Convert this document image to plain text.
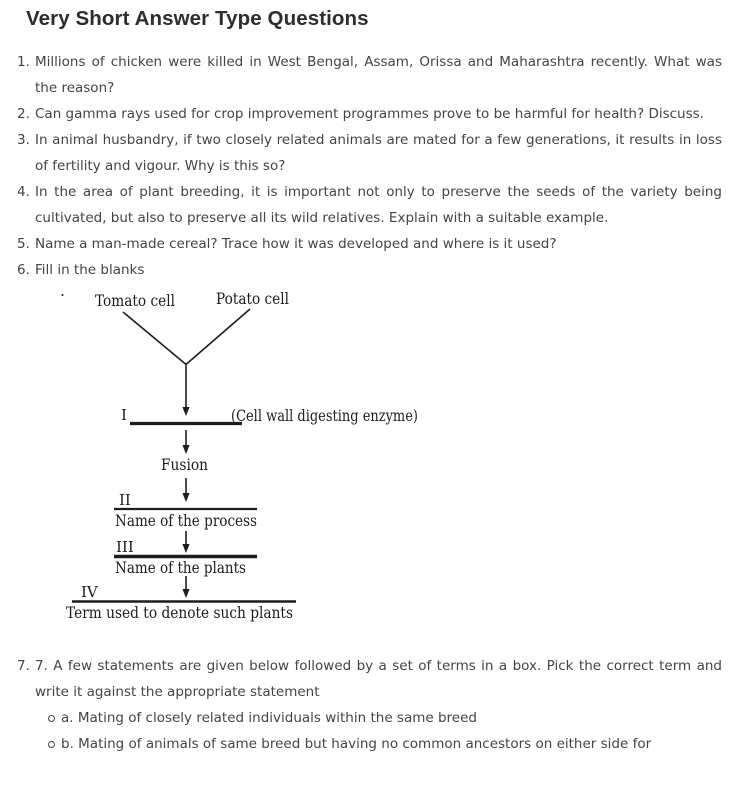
Very Short Answer Type Questions
1. Millions of chicken were killed in West Bengal, Assam, Orissa and Maharashtra recently. What was the reason?

2. Can gamma rays used for crop improvement programmes prove to be harmful for health? Discuss.

3. In animal husbandry, if two closely related animals are mated for a few generations, it results in loss of fertility and vigour. Why is this so?

4. In the area of plant breeding, it is important not only to preserve the seeds of the variety being cultivated, but also to preserve all its wild relatives. Explain with a suitable example.

5. Name a man-made cereal? Trace how it was developed and where is it used?

6. Fill in the blanks

.
Tomato cell	Potato cell
I	(Cell wall digesting enzyme)
Fusion
II
Name of the process
III
Name of the plants
IV
Term used to denote such plants
7. 7. A few statements are given below followed by a set of terms in a box. Pick the correct term and write it against the appropriate statement

a. Mating of closely related individuals within the same breed
b. Mating of animals of same breed but having no common ancestors on either side for
